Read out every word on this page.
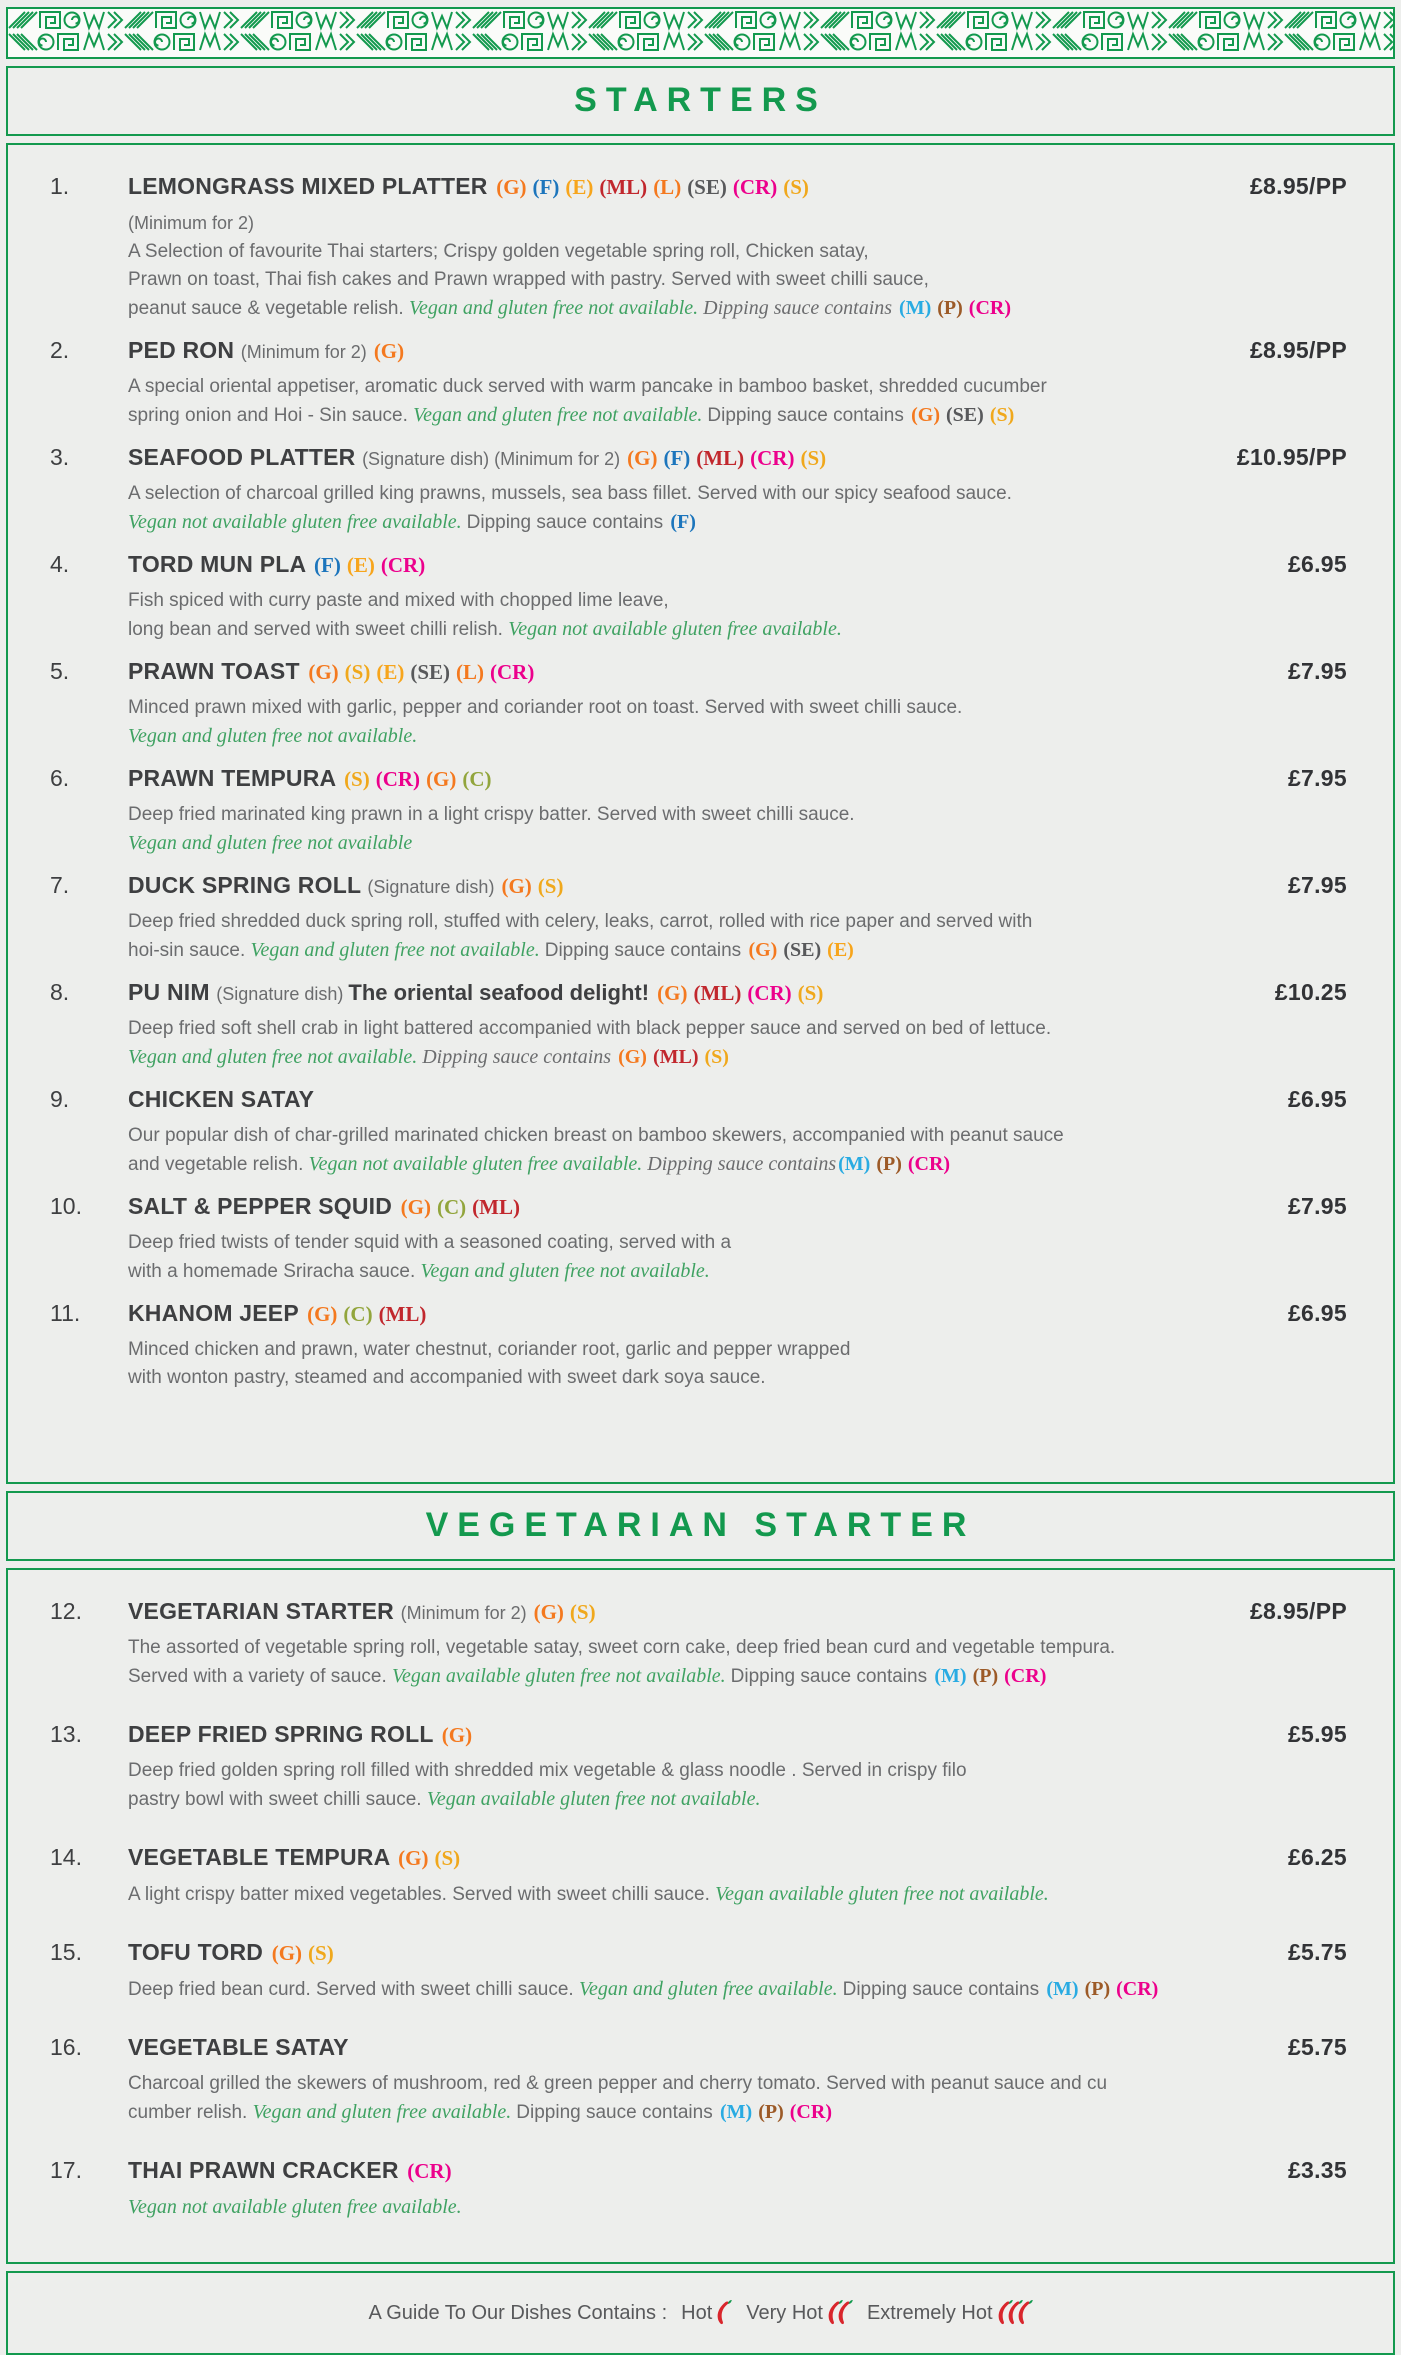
STARTERS
1.	LEMONGRASS MIXED PLATTER (G) (F) (E) (ML) (L) (SE) (CR) (S)
(Minimum for 2)
A Selection of favourite Thai starters; Crispy golden vegetable spring roll, Chicken satay,
Prawn on toast, Thai fish cakes and Prawn wrapped with pastry. Served with sweet chilli sauce,
peanut sauce & vegetable relish. Vegan and gluten free not available. Dipping sauce contains (M) (P) (CR)
£8.95/PP
2.	PED RON (Minimum for 2) (G)
A special oriental appetiser, aromatic duck served with warm pancake in bamboo basket, shredded cucumber
spring onion and Hoi - Sin sauce. Vegan and gluten free not available. Dipping sauce contains (G) (SE) (S)
£8.95/PP
3.	SEAFOOD PLATTER (Signature dish) (Minimum for 2) (G) (F) (ML) (CR) (S)
A selection of charcoal grilled king prawns, mussels, sea bass fillet. Served with our spicy seafood sauce.
Vegan not available gluten free available. Dipping sauce contains (F)
£10.95/PP
4.	TORD MUN PLA (F) (E) (CR)
Fish spiced with curry paste and mixed with chopped lime leave,
long bean and served with sweet chilli relish. Vegan not available gluten free available.
£6.95
5.	PRAWN TOAST (G) (S) (E) (SE) (L) (CR)
Minced prawn mixed with garlic, pepper and coriander root on toast. Served with sweet chilli sauce.
Vegan and gluten free not available.
£7.95
6.	PRAWN TEMPURA (S) (CR) (G) (C)
Deep fried marinated king prawn in a light crispy batter. Served with sweet chilli sauce.
Vegan and gluten free not available
£7.95
7.	DUCK SPRING ROLL (Signature dish) (G) (S)
Deep fried shredded duck spring roll, stuffed with celery, leaks, carrot, rolled with rice paper and served with
hoi-sin sauce. Vegan and gluten free not available. Dipping sauce contains (G) (SE) (E)
£7.95
8.	PU NIM (Signature dish) The oriental seafood delight! (G) (ML) (CR) (S)
Deep fried soft shell crab in light battered accompanied with black pepper sauce and served on bed of lettuce.
Vegan and gluten free not available. Dipping sauce contains (G) (ML) (S)
£10.25
9.	CHICKEN SATAY
Our popular dish of char-grilled marinated chicken breast on bamboo skewers, accompanied with peanut sauce
and vegetable relish. Vegan not available gluten free available. Dipping sauce contains (M) (P) (CR)
£6.95
10.	SALT & PEPPER SQUID (G) (C) (ML)
Deep fried twists of tender squid with a seasoned coating, served with a
with a homemade Sriracha sauce. Vegan and gluten free not available.
£7.95
11.	KHANOM JEEP (G) (C) (ML)
Minced chicken and prawn, water chestnut, coriander root, garlic and pepper wrapped
with wonton pastry, steamed and accompanied with sweet dark soya sauce.
£6.95
VEGETARIAN STARTER
12.	VEGETARIAN STARTER (Minimum for 2) (G) (S)
The assorted of vegetable spring roll, vegetable satay, sweet corn cake, deep fried bean curd and vegetable tempura.
Served with a variety of sauce. Vegan available gluten free not available. Dipping sauce contains (M) (P) (CR)
£8.95/PP
13.	DEEP FRIED SPRING ROLL (G)
Deep fried golden spring roll filled with shredded mix vegetable & glass noodle . Served in crispy filo
pastry bowl with sweet chilli sauce. Vegan available gluten free not available.
£5.95
14.	VEGETABLE TEMPURA (G) (S)
A light crispy batter mixed vegetables. Served with sweet chilli sauce. Vegan available gluten free not available.
£6.25
15.	TOFU TORD (G) (S)
Deep fried bean curd. Served with sweet chilli sauce. Vegan and gluten free available. Dipping sauce contains (M) (P) (CR)
£5.75
16.	VEGETABLE SATAY
Charcoal grilled the skewers of mushroom, red & green pepper and cherry tomato. Served with peanut sauce and cu
cumber relish. Vegan and gluten free available. Dipping sauce contains (M) (P) (CR)
£5.75
17.	THAI PRAWN CRACKER (CR)
Vegan not available gluten free available.
£3.35
A Guide To Our Dishes Contains : Hot Very Hot Extremely Hot
